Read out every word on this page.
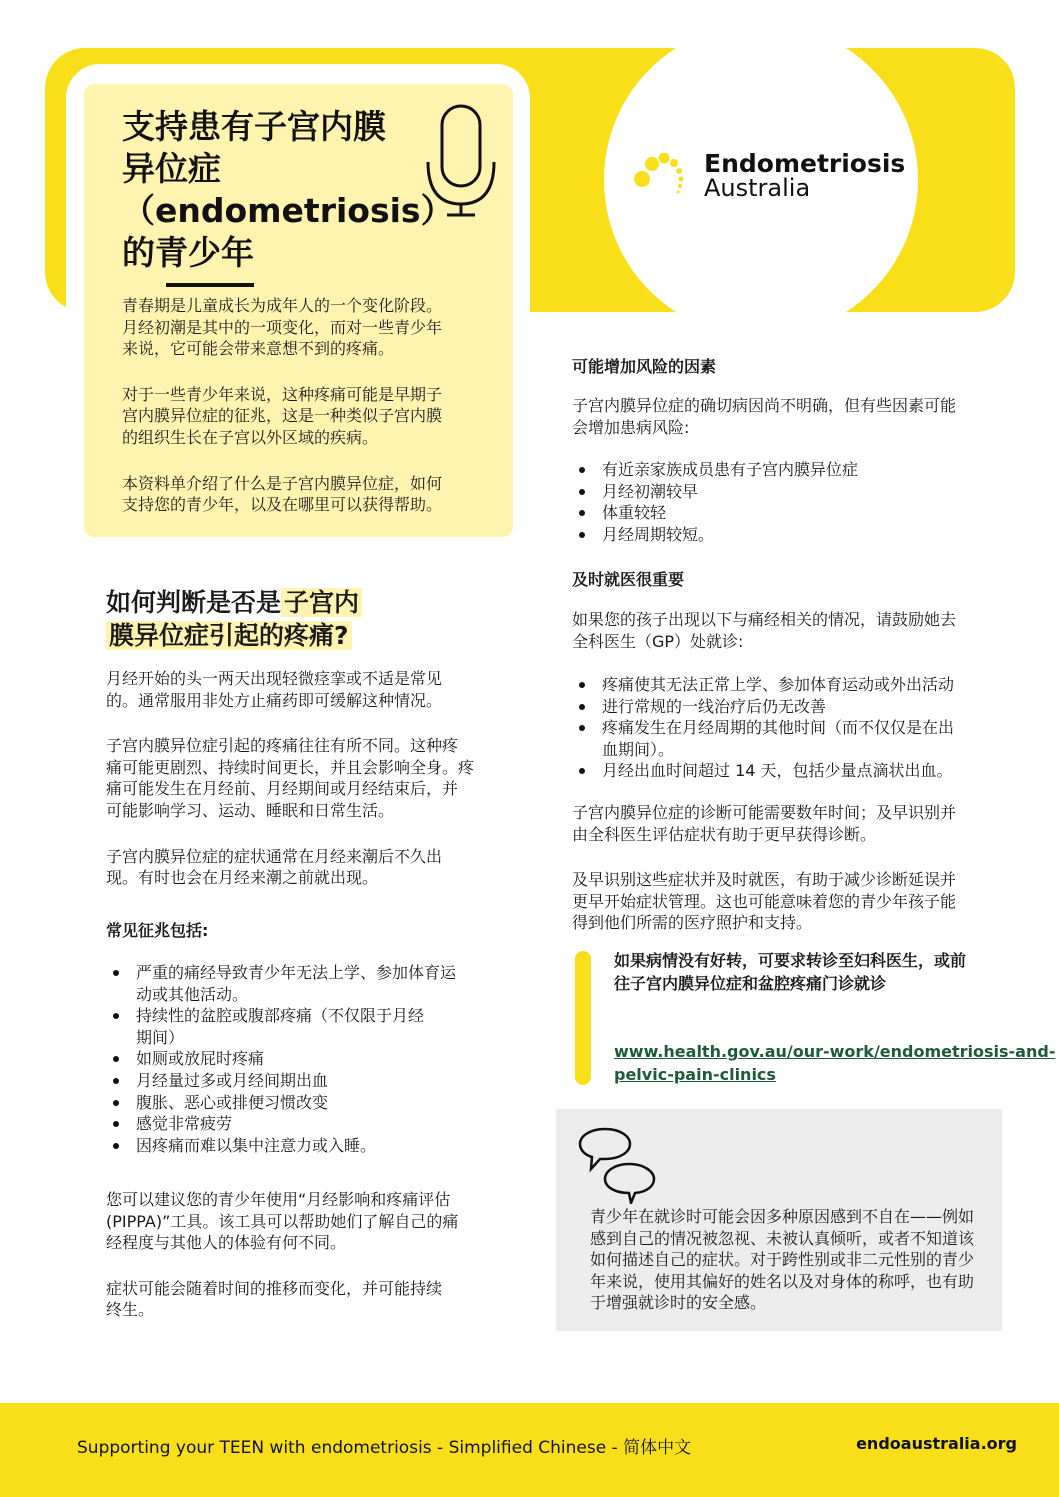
支持患有子宫内膜
异位症
（endometriosis）
的青少年
Endometriosis
Australia
青春期是儿童成长为成年人的一个变化阶段。
月经初潮是其中的一项变化，而对一些青少年
来说，它可能会带来意想不到的疼痛。
对于一些青少年来说，这种疼痛可能是早期子
宫内膜异位症的征兆，这是一种类似子宫内膜
的组织生长在子宫以外区域的疾病。
本资料单介绍了什么是子宫内膜异位症，如何
支持您的青少年，以及在哪里可以获得帮助。
如何判断是否是 子宫内
膜异位症引起的疼痛?
月经开始的头一两天出现轻微痉挛或不适是常见
的。通常服用非处方止痛药即可缓解这种情况。
子宫内膜异位症引起的疼痛往往有所不同。这种疼
痛可能更剧烈、持续时间更长，并且会影响全身。疼
痛可能发生在月经前、月经期间或月经结束后，并
可能影响学习、运动、睡眠和日常生活。
子宫内膜异位症的症状通常在月经来潮后不久出
现。有时也会在月经来潮之前就出现。
常见征兆包括:
严重的痛经导致青少年无法上学、参加体育运
动或其他活动。
持续性的盆腔或腹部疼痛（不仅限于月经
期间）
如厕或放屁时疼痛
月经量过多或月经间期出血
腹胀、恶心或排便习惯改变
感觉非常疲劳
因疼痛而难以集中注意力或入睡。
您可以建议您的青少年使用“月经影响和疼痛评估
(PIPPA)”工具。该工具可以帮助她们了解自己的痛
经程度与其他人的体验有何不同。
症状可能会随着时间的推移而变化，并可能持续
终生。
可能增加风险的因素
子宫内膜异位症的确切病因尚不明确，但有些因素可能
会增加患病风险:
有近亲家族成员患有子宫内膜异位症
月经初潮较早
体重较轻
月经周期较短。
及时就医很重要
如果您的孩子出现以下与痛经相关的情况，请鼓励她去
全科医生（GP）处就诊:
疼痛使其无法正常上学、参加体育运动或外出活动
进行常规的一线治疗后仍无改善
疼痛发生在月经周期的其他时间（而不仅仅是在出
血期间）。
月经出血时间超过 14 天，包括少量点滴状出血。
子宫内膜异位症的诊断可能需要数年时间；及早识别并
由全科医生评估症状有助于更早获得诊断。
及早识别这些症状并及时就医，有助于减少诊断延误并
更早开始症状管理。这也可能意味着您的青少年孩子能
得到他们所需的医疗照护和支持。
如果病情没有好转，可要求转诊至妇科医生，或前
往子宫内膜异位症和盆腔疼痛门诊就诊
www.health.gov.au/our-work/endometriosis-and-
pelvic-pain-clinics
青少年在就诊时可能会因多种原因感到不自在——例如
感到自己的情况被忽视、未被认真倾听，或者不知道该
如何描述自己的症状。对于跨性别或非二元性别的青少
年来说，使用其偏好的姓名以及对身体的称呼，也有助
于增强就诊时的安全感。
Supporting your TEEN with endometriosis - Simplified Chinese - 简体中文	endoaustralia.org
